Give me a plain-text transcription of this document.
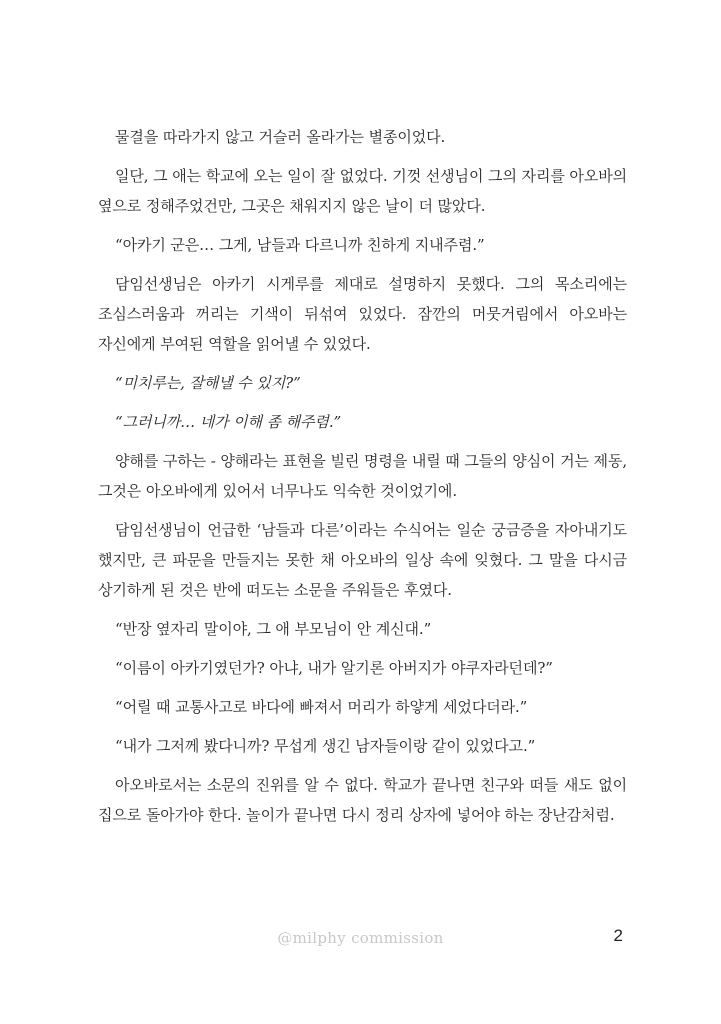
물결을 따라가지 않고 거슬러 올라가는 별종이었다.

일단, 그 애는 학교에 오는 일이 잘 없었다. 기껏 선생님이 그의 자리를 아오바의 옆으로 정해주었건만, 그곳은 채워지지 않은 날이 더 많았다.

“아카기 군은… 그게, 남들과 다르니까 친하게 지내주렴.”

담임선생님은 아카기 시게루를 제대로 설명하지 못했다. 그의 목소리에는 조심스러움과 꺼리는 기색이 뒤섞여 있었다. 잠깐의 머뭇거림에서 아오바는 자신에게 부여된 역할을 읽어낼 수 있었다.

“미치루는, 잘해낼 수 있지?”

“그러니까… 네가 이해 좀 해주렴.”

양해를 구하는 - 양해라는 표현을 빌린 명령을 내릴 때 그들의 양심이 거는 제동, 그것은 아오바에게 있어서 너무나도 익숙한 것이었기에.

담임선생님이 언급한 ‘남들과 다른’이라는 수식어는 일순 궁금증을 자아내기도 했지만, 큰 파문을 만들지는 못한 채 아오바의 일상 속에 잊혔다. 그 말을 다시금 상기하게 된 것은 반에 떠도는 소문을 주워들은 후였다.

“반장 옆자리 말이야, 그 애 부모님이 안 계신대.”

“이름이 아카기였던가? 아냐, 내가 알기론 아버지가 야쿠자라던데?”

“어릴 때 교통사고로 바다에 빠져서 머리가 하얗게 세었다더라.”

“내가 그저께 봤다니까? 무섭게 생긴 남자들이랑 같이 있었다고.”

아오바로서는 소문의 진위를 알 수 없다. 학교가 끝나면 친구와 떠들 새도 없이 집으로 돌아가야 한다. 놀이가 끝나면 다시 정리 상자에 넣어야 하는 장난감처럼.

@milphy commission	2
